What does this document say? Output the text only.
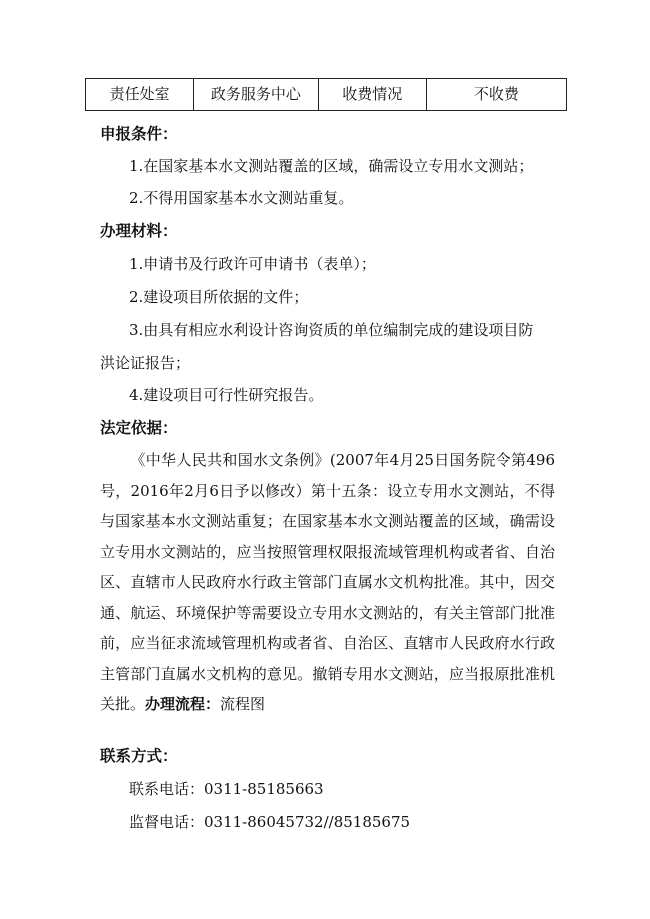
责任处室	政务服务中心	收费情况	不收费
申报条件：
1.在国家基本水文测站覆盖的区域，确需设立专用水文测站；
2.不得用国家基本水文测站重复。
办理材料：
1.申请书及行政许可申请书（表单）；
2.建设项目所依据的文件；
3.由具有相应水利设计咨询资质的单位编制完成的建设项目防
洪论证报告；
4.建设项目可行性研究报告。
法定依据：
《中华人民共和国水文条例》(2007年4月25日国务院令第496号，2016年2月6日予以修改）第十五条：设立专用水文测站，不得与国家基本水文测站重复；在国家基本水文测站覆盖的区域，确需设立专用水文测站的，应当按照管理权限报流域管理机构或者省、自治区、直辖市人民政府水行政主管部门直属水文机构批准。其中，因交通、航运、环境保护等需要设立专用水文测站的，有关主管部门批准前，应当征求流域管理机构或者省、自治区、直辖市人民政府水行政主管部门直属水文机构的意见。撤销专用水文测站，应当报原批准机关批。办理流程：流程图
联系方式：
联系电话：0311-85185663
监督电话：0311-86045732//85185675
